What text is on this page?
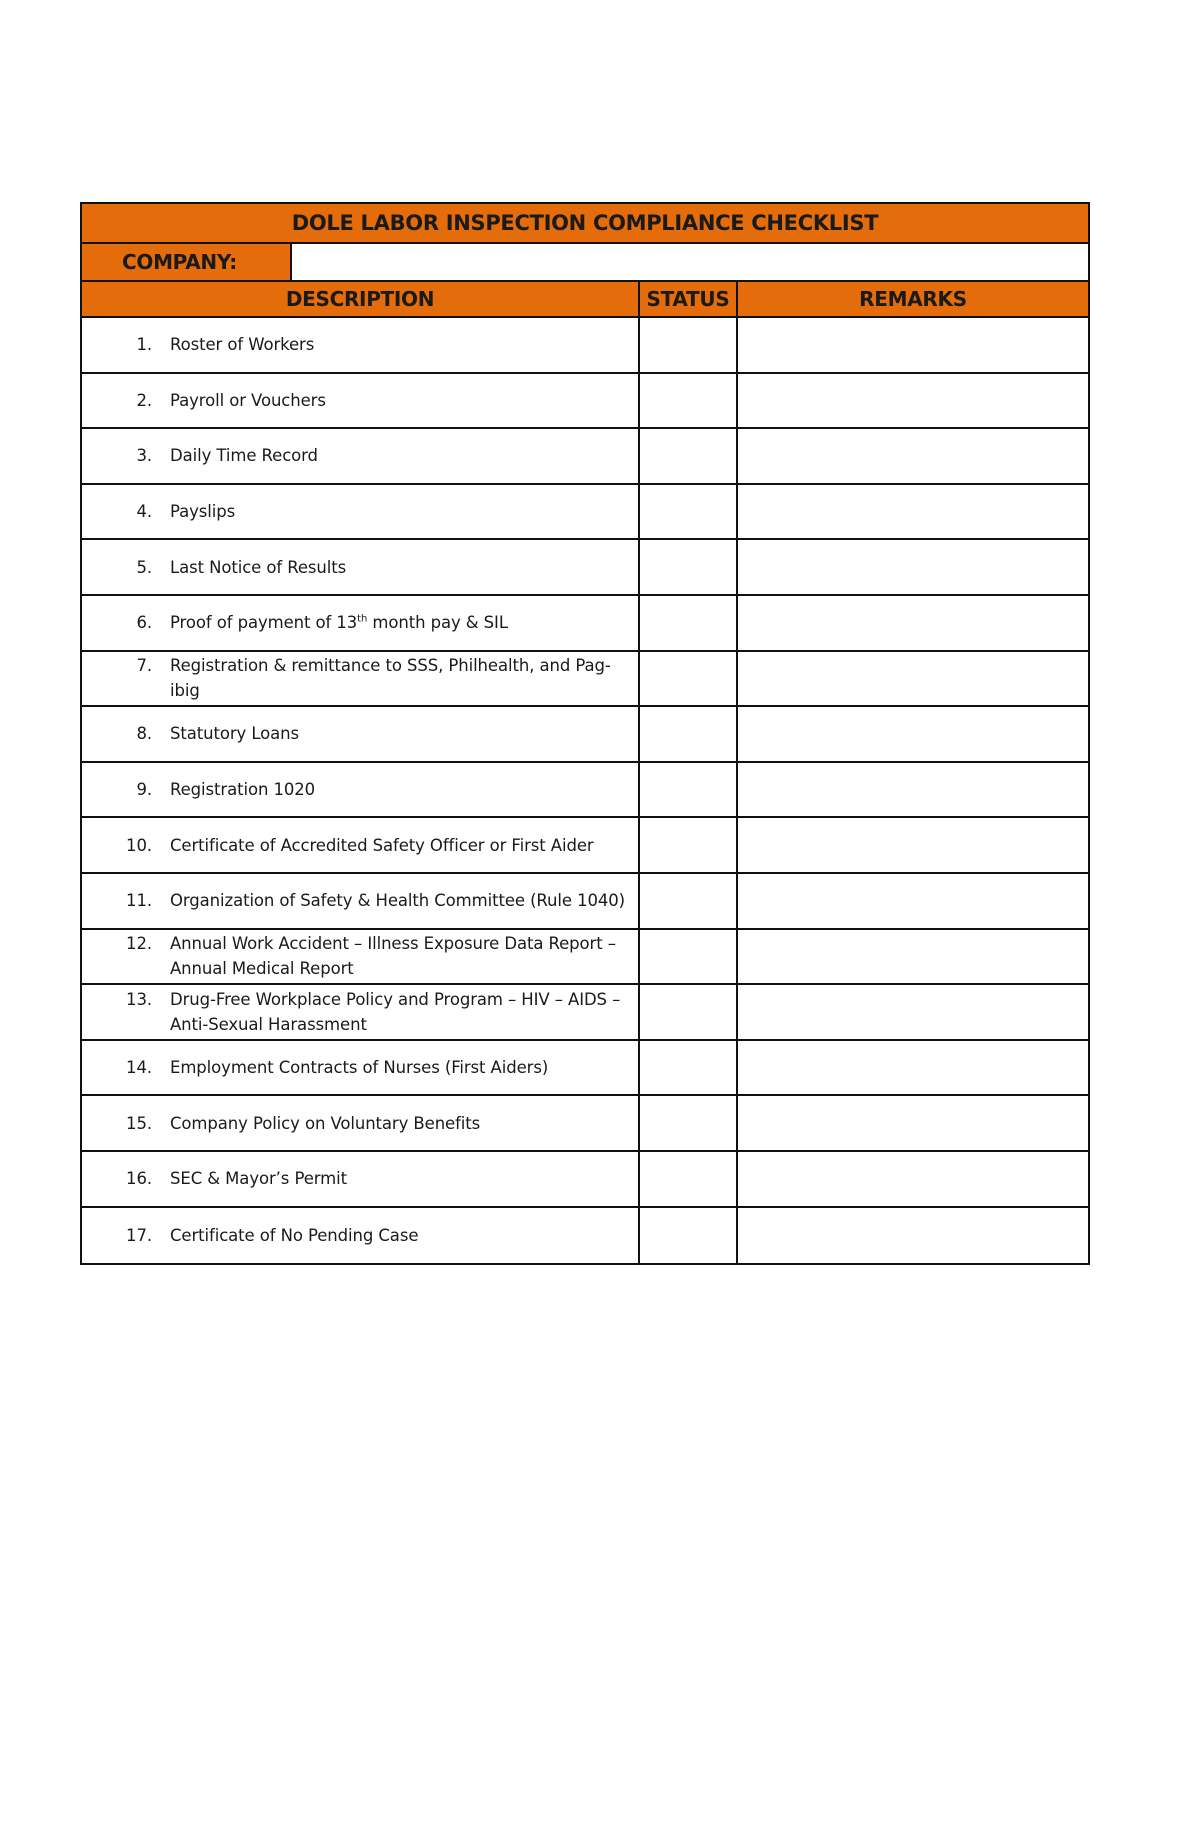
DOLE LABOR INSPECTION COMPLIANCE CHECKLIST
COMPANY:
DESCRIPTION	STATUS	REMARKS
1.	Roster of Workers
2.	Payroll or Vouchers
3.	Daily Time Record
4.	Payslips
5.	Last Notice of Results
6.	Proof of payment of 13th month pay & SIL
7.	Registration & remittance to SSS, Philhealth, and Pag-ibig
8.	Statutory Loans
9.	Registration 1020
10.	Certificate of Accredited Safety Officer or First Aider
11.	Organization of Safety & Health Committee (Rule 1040)
12.	Annual Work Accident – Illness Exposure Data Report – Annual Medical Report
13.	Drug-Free Workplace Policy and Program – HIV – AIDS – Anti-Sexual Harassment
14.	Employment Contracts of Nurses (First Aiders)
15.	Company Policy on Voluntary Benefits
16.	SEC & Mayor’s Permit
17.	Certificate of No Pending Case
